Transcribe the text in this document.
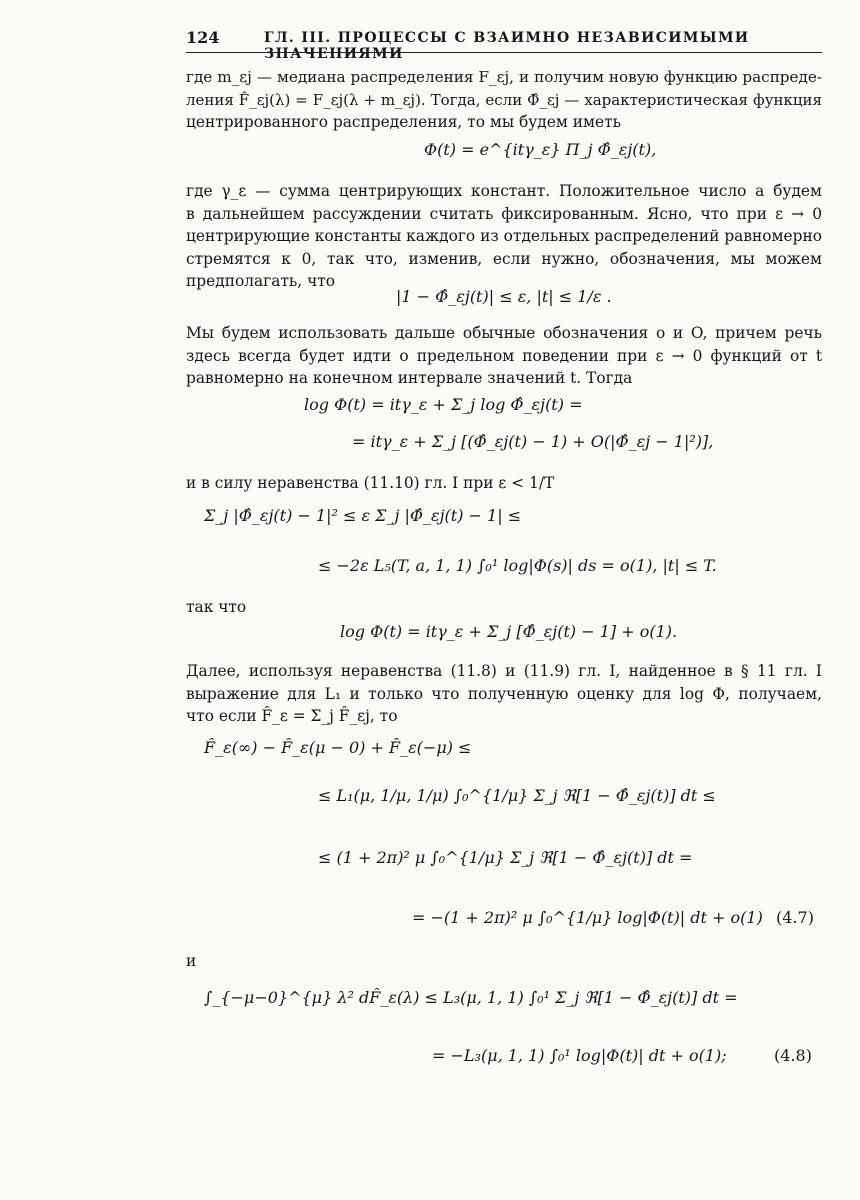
124	ГЛ. III. ПРОЦЕССЫ С ВЗАИМНО НЕЗАВИСИМЫМИ ЗНАЧЕНИЯМИ
где m_εj — медиана распределения F_εj, и получим новую функцию распреде-
ления F̂_εj(λ) = F_εj(λ + m_εj). Тогда, если Φ̂_εj — характеристическая функция
центрированного распределения, то мы будем иметь
Φ(t) = e^{itγ_ε} Π_j Φ̂_εj(t),
где γ_ε — сумма центрирующих констант. Положительное число a будем
в дальнейшем рассуждении считать фиксированным. Ясно, что при ε → 0
центрирующие константы каждого из отдельных распределений равномерно
стремятся к 0, так что, изменив, если нужно, обозначения, мы можем
предполагать, что
|1 − Φ̂_εj(t)| ≤ ε, |t| ≤ 1/ε .
Мы будем использовать дальше обычные обозначения o и O, причем речь
здесь всегда будет идти о предельном поведении при ε → 0 функций от t
равномерно на конечном интервале значений t. Тогда
log Φ(t) = itγ_ε + Σ_j log Φ̂_εj(t) =
= itγ_ε + Σ_j [(Φ̂_εj(t) − 1) + O(|Φ̂_εj − 1|²)],
и в силу неравенства (11.10) гл. I при ε < 1/T
Σ_j |Φ̂_εj(t) − 1|² ≤ ε Σ_j |Φ̂_εj(t) − 1| ≤
≤ −2ε L₅(T, a, 1, 1) ∫₀¹ log|Φ(s)| ds = o(1), |t| ≤ T.
так что
log Φ(t) = itγ_ε + Σ_j [Φ̂_εj(t) − 1] + o(1).
Далее, используя неравенства (11.8) и (11.9) гл. I, найденное в § 11 гл. I
выражение для L₁ и только что полученную оценку для log Φ, получаем,
что если F̂_ε = Σ_j F̂_εj, то
F̂_ε(∞) − F̂_ε(μ − 0) + F̂_ε(−μ) ≤
≤ L₁(μ, 1/μ, 1/μ) ∫₀^{1/μ} Σ_j ℜ[1 − Φ̂_εj(t)] dt ≤
≤ (1 + 2π)² μ ∫₀^{1/μ} Σ_j ℜ[1 − Φ̂_εj(t)] dt =
= −(1 + 2π)² μ ∫₀^{1/μ} log|Φ(t)| dt + o(1) (4.7)
и
∫_{−μ−0}^{μ} λ² dF̂_ε(λ) ≤ L₃(μ, 1, 1) ∫₀¹ Σ_j ℜ[1 − Φ̂_εj(t)] dt =
= −L₃(μ, 1, 1) ∫₀¹ log|Φ(t)| dt + o(1);	(4.8)
